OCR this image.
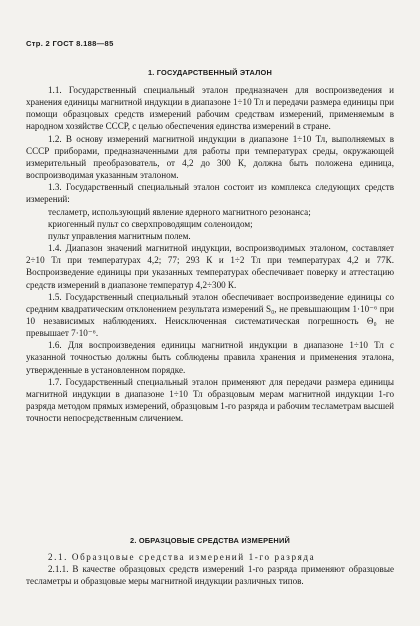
Стр. 2 ГОСТ 8.188—85
1. ГОСУДАРСТВЕННЫЙ ЭТАЛОН

1.1. Государственный специальный эталон предназначен для воспроизведения и хранения единицы магнитной индукции в диапазоне 1÷10 Тл и передачи размера единицы при помощи образцовых средств измерений рабочим средствам измерений, применяемым в народном хозяйстве СССР, с целью обеспечения единства измерений в стране.

1.2. В основу измерений магнитной индукции в диапазоне 1÷10 Тл, выполняемых в СССР приборами, предназначенными для работы при температурах среды, окружающей измерительный преобразователь, от 4,2 до 300 К, должна быть положена единица, воспроизводимая указанным эталоном.

1.3. Государственный специальный эталон состоит из комплекса следующих средств измерений:

тесламетр, использующий явление ядерного магнитного резонанса;

криогенный пульт со сверхпроводящим соленоидом;

пульт управления магнитным полем.

1.4. Диапазон значений магнитной индукции, воспроизводимых эталоном, составляет 2÷10 Тл при температурах 4,2; 77; 293 К и 1÷2 Тл при температурах 4,2 и 77К. Воспроизведение единицы при указанных температурах обеспечивает поверку и аттестацию средств измерений в диапазоне температур 4,2÷300 К.

1.5. Государственный специальный эталон обеспечивает воспроизведение единицы со средним квадратическим отклонением результата измерений S₀, не превышающим 1·10⁻⁶ при 10 независимых наблюдениях. Неисключенная систематическая погрешность Θ₀ не превышает 7·10⁻⁶.

1.6. Для воспроизведения единицы магнитной индукции в диапазоне 1÷10 Тл с указанной точностью должны быть соблюдены правила хранения и применения эталона, утвержденные в установленном порядке.

1.7. Государственный специальный эталон применяют для передачи размера единицы магнитной индукции в диапазоне 1÷10 Тл образцовым мерам магнитной индукции 1-го разряда методом прямых измерений, образцовым 1-го разряда и рабочим тесламетрам высшей точности непосредственным сличением.

2. ОБРАЗЦОВЫЕ СРЕДСТВА ИЗМЕРЕНИЙ

2.1. Образцовые средства измерений 1-го разряда

2.1.1. В качестве образцовых средств измерений 1-го разряда применяют образцовые тесламетры и образцовые меры магнитной индукции различных типов.
